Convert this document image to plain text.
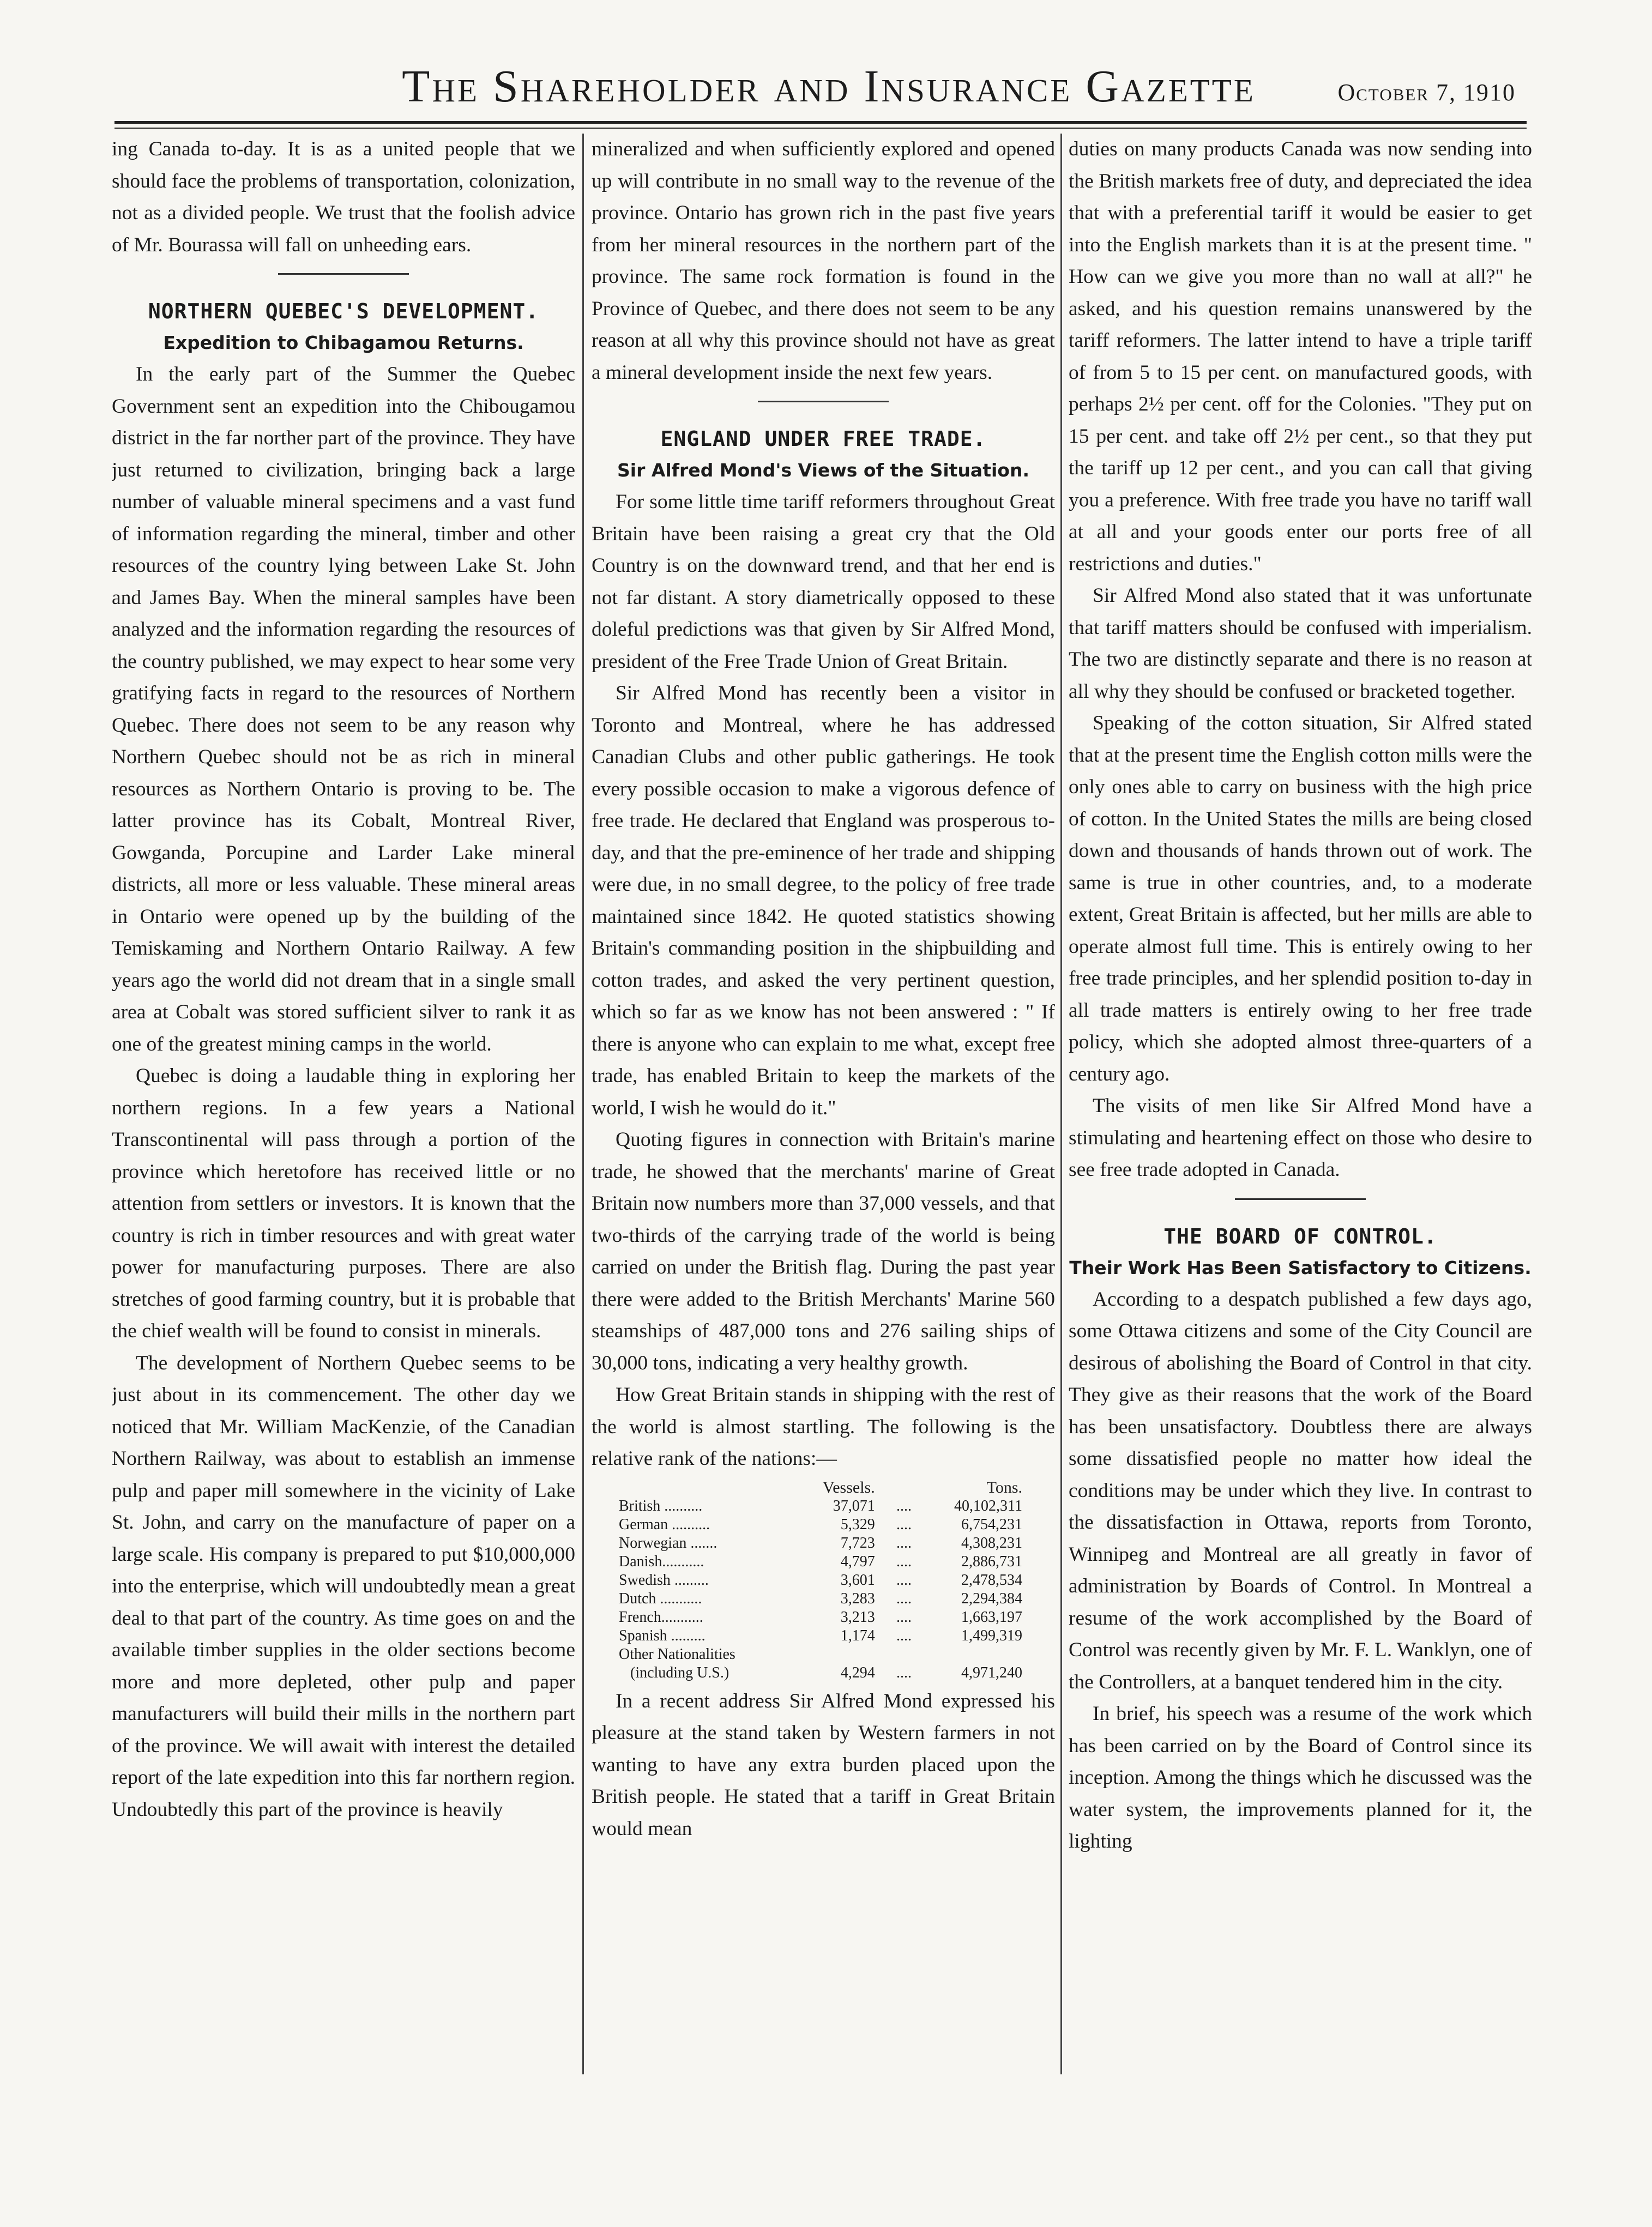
The Shareholder and Insurance Gazette	October 7, 1910

ing Canada to-day. It is as a united people that we should face the problems of transportation, colonization, not as a divided people. We trust that the foolish advice of Mr. Bourassa will fall on unheeding ears.

NORTHERN QUEBEC'S DEVELOPMENT.
Expedition to Chibagamou Returns.

In the early part of the Summer the Quebec Government sent an expedition into the Chibougamou district in the far norther part of the province. They have just returned to civilization, bringing back a large number of valuable mineral specimens and a vast fund of information regarding the mineral, timber and other resources of the country lying between Lake St. John and James Bay. When the mineral samples have been analyzed and the information regarding the resources of the country published, we may expect to hear some very gratifying facts in regard to the resources of Northern Quebec. There does not seem to be any reason why Northern Quebec should not be as rich in mineral resources as Northern Ontario is proving to be. The latter province has its Cobalt, Montreal River, Gowganda, Porcupine and Larder Lake mineral districts, all more or less valuable. These mineral areas in Ontario were opened up by the building of the Temiskaming and Northern Ontario Railway. A few years ago the world did not dream that in a single small area at Cobalt was stored sufficient silver to rank it as one of the greatest mining camps in the world.

Quebec is doing a laudable thing in exploring her northern regions. In a few years a National Transcontinental will pass through a portion of the province which heretofore has received little or no attention from settlers or investors. It is known that the country is rich in timber resources and with great water power for manufacturing purposes. There are also stretches of good farming country, but it is probable that the chief wealth will be found to consist in minerals.

The development of Northern Quebec seems to be just about in its commencement. The other day we noticed that Mr. William MacKenzie, of the Canadian Northern Railway, was about to establish an immense pulp and paper mill somewhere in the vicinity of Lake St. John, and carry on the manufacture of paper on a large scale. His company is prepared to put $10,000,000 into the enterprise, which will undoubtedly mean a great deal to that part of the country. As time goes on and the available timber supplies in the older sections become more and more depleted, other pulp and paper manufacturers will build their mills in the northern part of the province. We will await with interest the detailed report of the late expedition into this far northern region. Undoubtedly this part of the province is heavily

mineralized and when sufficiently explored and opened up will contribute in no small way to the revenue of the province. Ontario has grown rich in the past five years from her mineral resources in the northern part of the province. The same rock formation is found in the Province of Quebec, and there does not seem to be any reason at all why this province should not have as great a mineral development inside the next few years.

ENGLAND UNDER FREE TRADE.
Sir Alfred Mond's Views of the Situation.

For some little time tariff reformers throughout Great Britain have been raising a great cry that the Old Country is on the downward trend, and that her end is not far distant. A story diametrically opposed to these doleful predictions was that given by Sir Alfred Mond, president of the Free Trade Union of Great Britain.

Sir Alfred Mond has recently been a visitor in Toronto and Montreal, where he has addressed Canadian Clubs and other public gatherings. He took every possible occasion to make a vigorous defence of free trade. He declared that England was prosperous to-day, and that the pre-eminence of her trade and shipping were due, in no small degree, to the policy of free trade maintained since 1842. He quoted statistics showing Britain's commanding position in the shipbuilding and cotton trades, and asked the very pertinent question, which so far as we know has not been answered : " If there is anyone who can explain to me what, except free trade, has enabled Britain to keep the markets of the world, I wish he would do it."

Quoting figures in connection with Britain's marine trade, he showed that the merchants' marine of Great Britain now numbers more than 37,000 vessels, and that two-thirds of the carrying trade of the world is being carried on under the British flag. During the past year there were added to the British Merchants' Marine 560 steamships of 487,000 tons and 276 sailing ships of 30,000 tons, indicating a very healthy growth.

How Great Britain stands in shipping with the rest of the world is almost startling. The following is the relative rank of the nations:—

	Vessels.		Tons.
British ..........	37,071	....	40,102,311
German ..........	5,329	....	6,754,231
Norwegian .......	7,723	....	4,308,231
Danish...........	4,797	....	2,886,731
Swedish .........	3,601	....	2,478,534
Dutch ...........	3,283	....	2,294,384
French...........	3,213	....	1,663,197
Spanish .........	1,174	....	1,499,319
Other Nationalities
(including U.S.)	4,294	....	4,971,240

In a recent address Sir Alfred Mond expressed his pleasure at the stand taken by Western farmers in not wanting to have any extra burden placed upon the British people. He stated that a tariff in Great Britain would mean

duties on many products Canada was now sending into the British markets free of duty, and depreciated the idea that with a preferential tariff it would be easier to get into the English markets than it is at the present time. " How can we give you more than no wall at all?" he asked, and his question remains unanswered by the tariff reformers. The latter intend to have a triple tariff of from 5 to 15 per cent. on manufactured goods, with perhaps 2½ per cent. off for the Colonies. "They put on 15 per cent. and take off 2½ per cent., so that they put the tariff up 12 per cent., and you can call that giving you a preference. With free trade you have no tariff wall at all and your goods enter our ports free of all restrictions and duties."

Sir Alfred Mond also stated that it was unfortunate that tariff matters should be confused with imperialism. The two are distinctly separate and there is no reason at all why they should be confused or bracketed together.

Speaking of the cotton situation, Sir Alfred stated that at the present time the English cotton mills were the only ones able to carry on business with the high price of cotton. In the United States the mills are being closed down and thousands of hands thrown out of work. The same is true in other countries, and, to a moderate extent, Great Britain is affected, but her mills are able to operate almost full time. This is entirely owing to her free trade principles, and her splendid position to-day in all trade matters is entirely owing to her free trade policy, which she adopted almost three-quarters of a century ago.

The visits of men like Sir Alfred Mond have a stimulating and heartening effect on those who desire to see free trade adopted in Canada.

THE BOARD OF CONTROL.
Their Work Has Been Satisfactory to Citizens.

According to a despatch published a few days ago, some Ottawa citizens and some of the City Council are desirous of abolishing the Board of Control in that city. They give as their reasons that the work of the Board has been unsatisfactory. Doubtless there are always some dissatisfied people no matter how ideal the conditions may be under which they live. In contrast to the dissatisfaction in Ottawa, reports from Toronto, Winnipeg and Montreal are all greatly in favor of administration by Boards of Control. In Montreal a resume of the work accomplished by the Board of Control was recently given by Mr. F. L. Wanklyn, one of the Controllers, at a banquet tendered him in the city.

In brief, his speech was a resume of the work which has been carried on by the Board of Control since its inception. Among the things which he discussed was the water system, the improvements planned for it, the lighting
